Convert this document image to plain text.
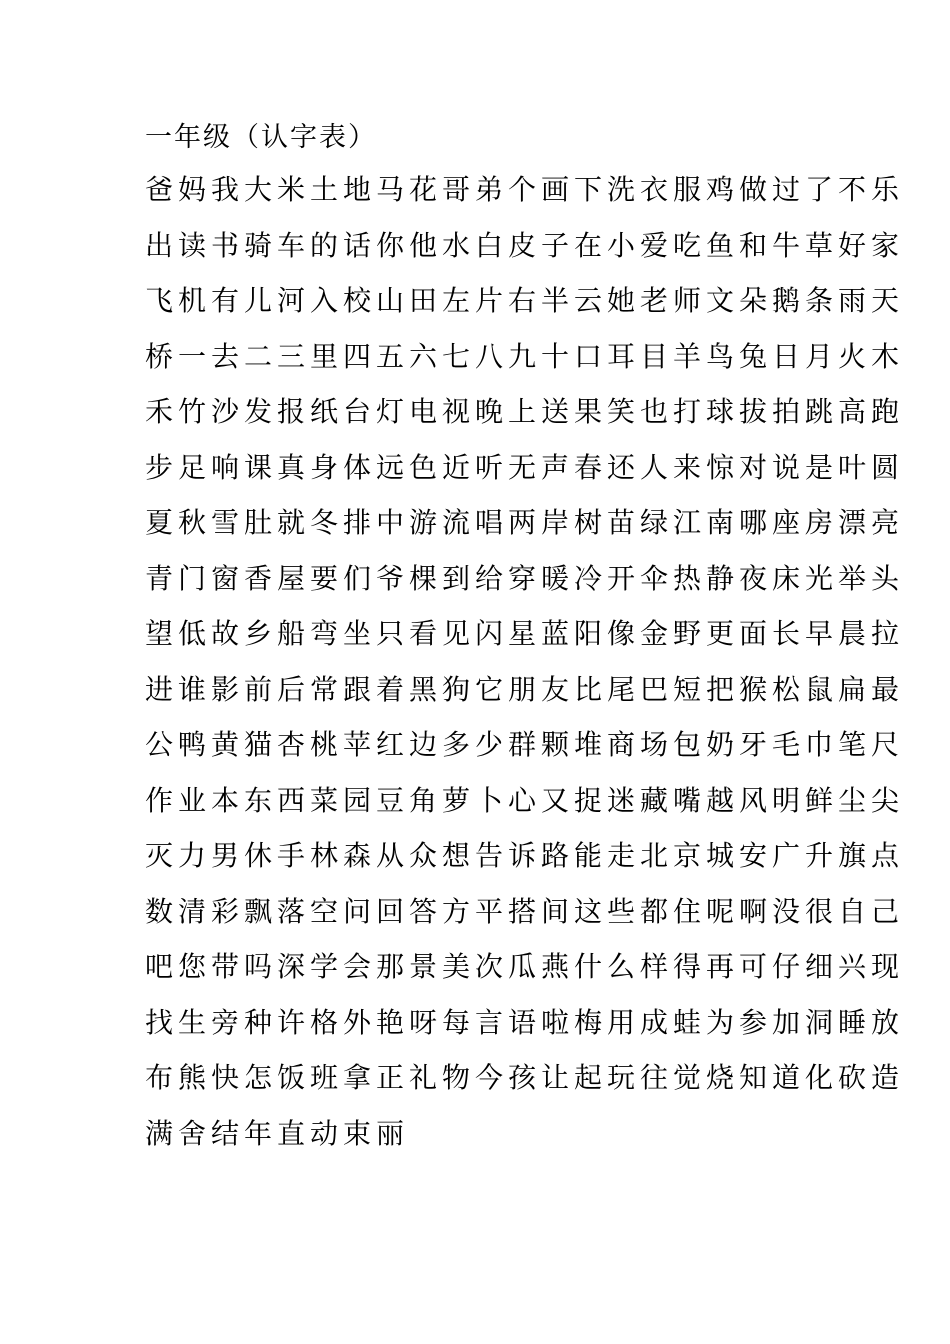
一年级（认字表）
爸妈我大米土地马花哥弟个画下洗衣服鸡做过了不乐
出读书骑车的话你他水白皮子在小爱吃鱼和牛草好家
飞机有儿河入校山田左片右半云她老师文朵鹅条雨天
桥一去二三里四五六七八九十口耳目羊鸟兔日月火木
禾竹沙发报纸台灯电视晚上送果笑也打球拔拍跳高跑
步足响课真身体远色近听无声春还人来惊对说是叶圆
夏秋雪肚就冬排中游流唱两岸树苗绿江南哪座房漂亮
青门窗香屋要们爷棵到给穿暖冷开伞热静夜床光举头
望低故乡船弯坐只看见闪星蓝阳像金野更面长早晨拉
进谁影前后常跟着黑狗它朋友比尾巴短把猴松鼠扁最
公鸭黄猫杏桃苹红边多少群颗堆商场包奶牙毛巾笔尺
作业本东西菜园豆角萝卜心又捉迷藏嘴越风明鲜尘尖
灭力男休手林森从众想告诉路能走北京城安广升旗点
数清彩飘落空问回答方平搭间这些都住呢啊没很自己
吧您带吗深学会那景美次瓜燕什么样得再可仔细兴现
找生旁种许格外艳呀每言语啦梅用成蛙为参加洞睡放
布熊快怎饭班拿正礼物今孩让起玩往觉烧知道化砍造
满舍结年直动束丽
